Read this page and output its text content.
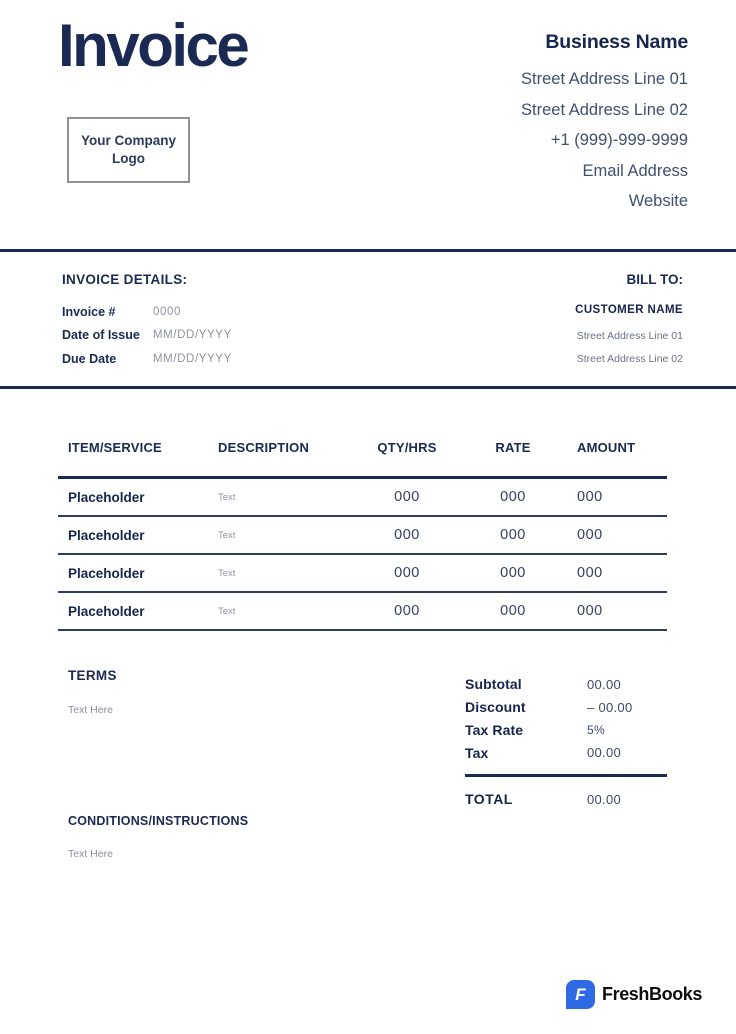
Invoice
Your Company Logo
Business Name
Street Address Line 01
Street Address Line 02
+1 (999)-999-9999
Email Address
Website
INVOICE DETAILS:
Invoice #	0000
Date of Issue	MM/DD/YYYY
Due Date	MM/DD/YYYY
BILL TO:
CUSTOMER NAME
Street Address Line 01
Street Address Line 02
ITEM/SERVICE	DESCRIPTION	QTY/HRS	RATE	AMOUNT
Placeholder	Text	000	000	000
Placeholder	Text	000	000	000
Placeholder	Text	000	000	000
Placeholder	Text	000	000	000
TERMS
Text Here
Subtotal	00.00
Discount	– 00.00
Tax Rate	5%
Tax	00.00
TOTAL	00.00
CONDITIONS/INSTRUCTIONS
Text Here
F FreshBooks
